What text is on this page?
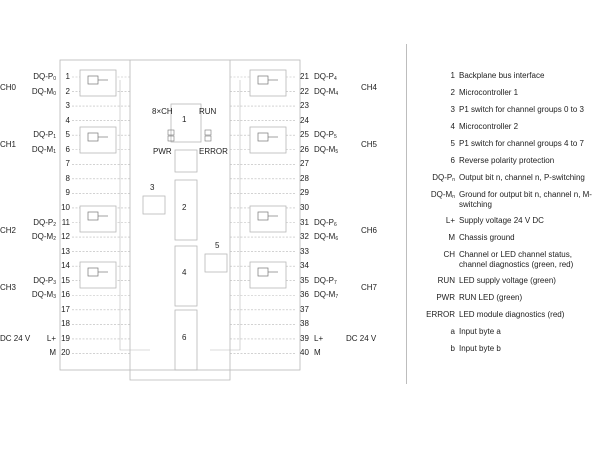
8×CH	RUN
1
PWR	ERROR
3
2
5
4
6
CH0
CH1
CH2
CH3
DC 24 V
CH4
CH5
CH6
CH7
DC 24 V
1
$DQ-P_0$
2
$DQ-M_0$
3
4
5
$DQ-P_1$
6
$DQ-M_1$
7
8
9
10
11
$DQ-P_2$
12
$DQ-M_2$
13
14
15
$DQ-P_3$
16
$DQ-M_3$
17
18
19
L+
20
M
21 $DQ-P_4$
22 $DQ-M_4$
23
24
25 $DQ-P_5$
26 $DQ-M_5$
27
28
29
30
31 $DQ-P_6$
32 $DQ-M_6$
33
34
35 $DQ-P_7$
36 $DQ-M_7$
37
38
39 L+
40 M
1 Backplane bus interface
2 Microcontroller 1
3 P1 switch for channel groups 0 to 3
4 Microcontroller 2
5 P1 switch for channel groups 4 to 7
6 Reverse polarity protection
$DQ-P_n$ Output bit n, channel n, P-switching
$DQ-M_n$ Ground for output bit n, channel n, M-switching
L+ Supply voltage 24 V DC
M Chassis ground
CH Channel or LED channel status, channel diagnostics (green, red)
RUN LED supply voltage (green)
PWR RUN LED (green)
ERROR LED module diagnostics (red)
a Input byte a
b Input byte b
